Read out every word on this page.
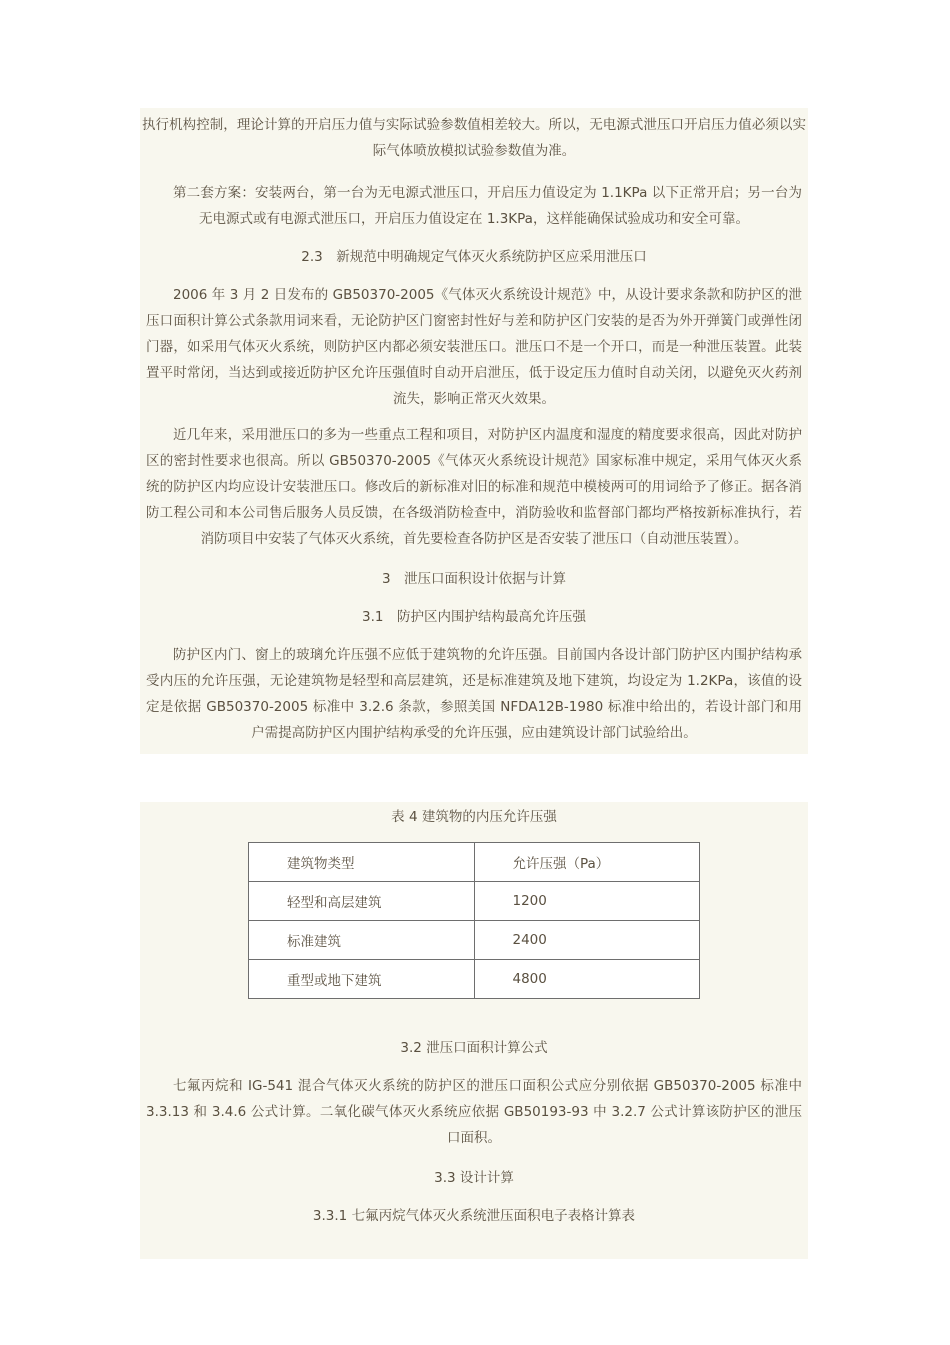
执行机构控制，理论计算的开启压力值与实际试验参数值相差较大。所以，无电源式泄压口开启压力值必须以实际气体喷放模拟试验参数值为准。

第二套方案：安装两台，第一台为无电源式泄压口，开启压力值设定为 1.1KPa 以下正常开启；另一台为无电源式或有电源式泄压口，开启压力值设定在 1.3KPa，这样能确保试验成功和安全可靠。

2.3　新规范中明确规定气体灭火系统防护区应采用泄压口

2006 年 3 月 2 日发布的 GB50370-2005《气体灭火系统设计规范》中，从设计要求条款和防护区的泄压口面积计算公式条款用词来看，无论防护区门窗密封性好与差和防护区门安装的是否为外开弹簧门或弹性闭门器，如采用气体灭火系统，则防护区内都必须安装泄压口。泄压口不是一个开口，而是一种泄压装置。此装置平时常闭，当达到或接近防护区允许压强值时自动开启泄压，低于设定压力值时自动关闭，以避免灭火药剂流失，影响正常灭火效果。

近几年来，采用泄压口的多为一些重点工程和项目，对防护区内温度和湿度的精度要求很高，因此对防护区的密封性要求也很高。所以 GB50370-2005《气体灭火系统设计规范》国家标准中规定，采用气体灭火系统的防护区内均应设计安装泄压口。修改后的新标准对旧的标准和规范中模棱两可的用词给予了修正。据各消防工程公司和本公司售后服务人员反馈，在各级消防检查中，消防验收和监督部门都均严格按新标准执行，若消防项目中安装了气体灭火系统，首先要检查各防护区是否安装了泄压口（自动泄压装置）。

3　泄压口面积设计依据与计算

3.1　防护区内围护结构最高允许压强

防护区内门、窗上的玻璃允许压强不应低于建筑物的允许压强。目前国内各设计部门防护区内围护结构承受内压的允许压强，无论建筑物是轻型和高层建筑，还是标准建筑及地下建筑，均设定为 1.2KPa，该值的设定是依据 GB50370-2005 标准中 3.2.6 条款，参照美国 NFDA12B-1980 标准中给出的，若设计部门和用户需提高防护区内围护结构承受的允许压强，应由建筑设计部门试验给出。

表 4 建筑物的内压允许压强

建筑物类型	允许压强（Pa）
轻型和高层建筑	1200
标准建筑	2400
重型或地下建筑	4800

3.2 泄压口面积计算公式

七氟丙烷和 IG-541 混合气体灭火系统的防护区的泄压口面积公式应分别依据 GB50370-2005 标准中 3.3.13 和 3.4.6 公式计算。二氧化碳气体灭火系统应依据 GB50193-93 中 3.2.7 公式计算该防护区的泄压口面积。

3.3 设计计算

3.3.1 七氟丙烷气体灭火系统泄压面积电子表格计算表
